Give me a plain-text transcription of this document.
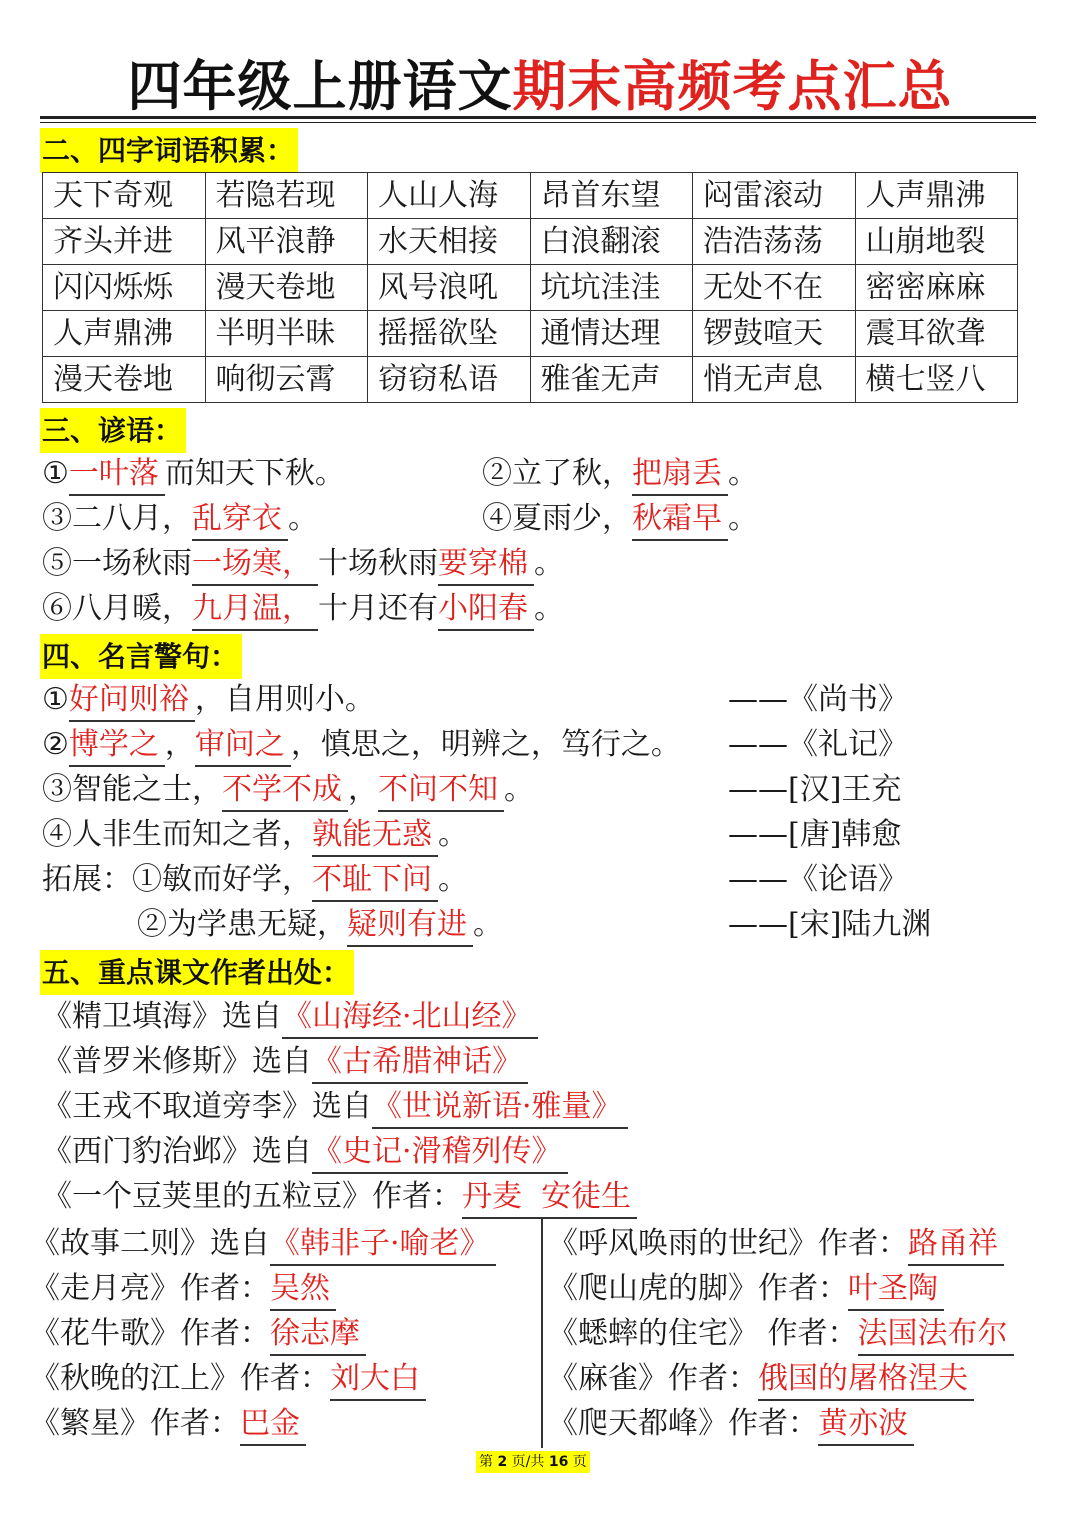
四年级上册语文期末高频考点汇总
二、四字词语积累：
天下奇观	若隐若现	人山人海	昂首东望	闷雷滚动	人声鼎沸
齐头并进	风平浪静	水天相接	白浪翻滚	浩浩荡荡	山崩地裂
闪闪烁烁	漫天卷地	风号浪吼	坑坑洼洼	无处不在	密密麻麻
人声鼎沸	半明半昧	摇摇欲坠	通情达理	锣鼓喧天	震耳欲聋
漫天卷地	响彻云霄	窃窃私语	雅雀无声	悄无声息	横七竖八
三、谚语：
①一叶落 而知天下秋。	②立了秋，把扇丢 。
③二八月，乱穿衣 。	④夏雨少，秋霜早 。
⑤一场秋雨一场寒， 十场秋雨要穿棉 。
⑥八月暖，九月温， 十月还有小阳春 。
四、名言警句：
①好问则裕 ，自用则小。	——《尚书》
②博学之 ，审问之 ，慎思之，明辨之，笃行之。 ——《礼记》
③智能之士，不学不成 ，不问不知 。	——[汉]王充
④人非生而知之者，孰能无惑 。	——[唐]韩愈
拓展：①敏而好学，不耻下问 。	——《论语》
②为学患无疑，疑则有进 。	——[宋]陆九渊
五、重点课文作者出处：
《精卫填海》选自《山海经·北山经》
《普罗米修斯》选自《古希腊神话》
《王戎不取道旁李》选自《世说新语·雅量》
《西门豹治邺》选自《史记·滑稽列传》
《一个豆荚里的五粒豆》作者：丹麦  安徒生
《故事二则》选自《韩非子·喻老》
《走月亮》作者：吴然
《花牛歌》作者：徐志摩
《秋晚的江上》作者：刘大白
《繁星》作者：巴金
《呼风唤雨的世纪》作者：路甬祥
《爬山虎的脚》作者：叶圣陶
《蟋蟀的住宅》 作者：法国法布尔
《麻雀》作者：俄国的屠格涅夫
《爬天都峰》作者：黄亦波
第 2 页/共 16 页
